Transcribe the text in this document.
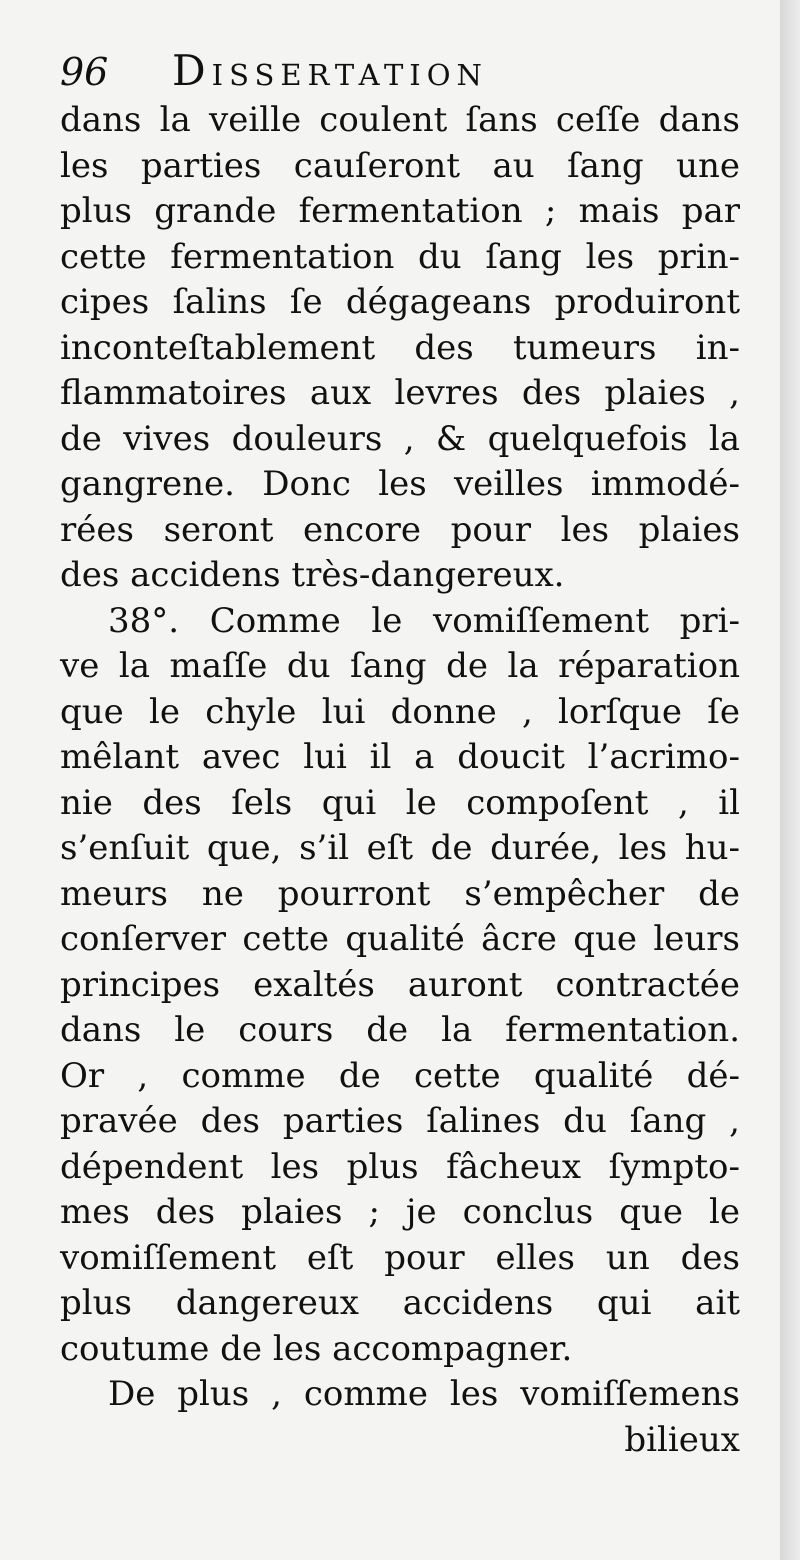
96 Dissertation
dans la veille coulent ſans ceſſe dans
les parties cauſeront au ſang une
plus grande fermentation ; mais par
cette fermentation du ſang les prin-
cipes ſalins ſe dégageans produiront
inconteſtablement des tumeurs in-
flammatoires aux levres des plaies ,
de vives douleurs , & quelquefois la
gangrene. Donc les veilles immodé-
rées seront encore pour les plaies
des accidens très-dangereux.
38°. Comme le vomiſſement pri-
ve la maſſe du ſang de la réparation
que le chyle lui donne , lorſque ſe
mêlant avec lui il a doucit l’acrimo-
nie des ſels qui le compoſent , il
s’enſuit que, s’il eſt de durée, les hu-
meurs ne pourront s’empêcher de
conſerver cette qualité âcre que leurs
principes exaltés auront contractée
dans le cours de la fermentation.
Or , comme de cette qualité dé-
pravée des parties ſalines du ſang ,
dépendent les plus fâcheux ſympto-
mes des plaies ; je conclus que le
vomiſſement eſt pour elles un des
plus dangereux accidens qui ait
coutume de les accompagner.
De plus , comme les vomiſſemens
bilieux
